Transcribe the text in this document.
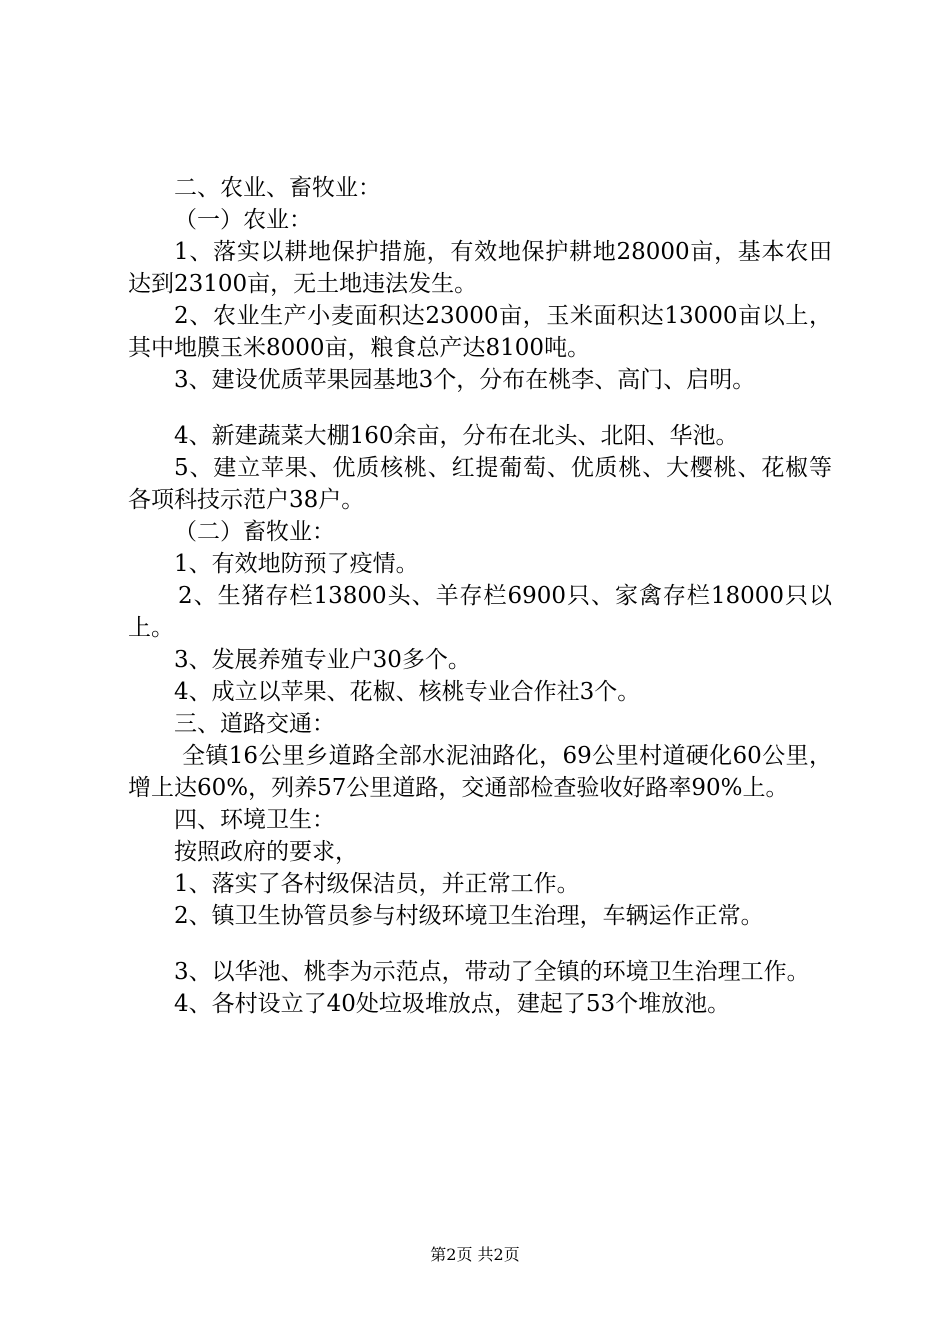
二、农业、畜牧业：

（一）农业：

1、落实以耕地保护措施，有效地保护耕地28000亩，基本农田达到23100亩，无土地违法发生。

2、农业生产小麦面积达23000亩，玉米面积达13000亩以上，其中地膜玉米8000亩，粮食总产达8100吨。

3、建设优质苹果园基地3个，分布在桃李、高门、启明。

4、新建蔬菜大棚160余亩，分布在北头、北阳、华池。

5、建立苹果、优质核桃、红提葡萄、优质桃、大樱桃、花椒等各项科技示范户38户。

（二）畜牧业：

1、有效地防预了疫情。

2、生猪存栏13800头、羊存栏6900只、家禽存栏18000只以上。

3、发展养殖专业户30多个。

4、成立以苹果、花椒、核桃专业合作社3个。

三、道路交通：

全镇16公里乡道路全部水泥油路化，69公里村道硬化60公里，增上达60%，列养57公里道路，交通部检查验收好路率90%上。

四、环境卫生：

按照政府的要求，

1、落实了各村级保洁员，并正常工作。

2、镇卫生协管员参与村级环境卫生治理，车辆运作正常。

3、以华池、桃李为示范点，带动了全镇的环境卫生治理工作。

4、各村设立了40处垃圾堆放点，建起了53个堆放池。

第2页 共2页
